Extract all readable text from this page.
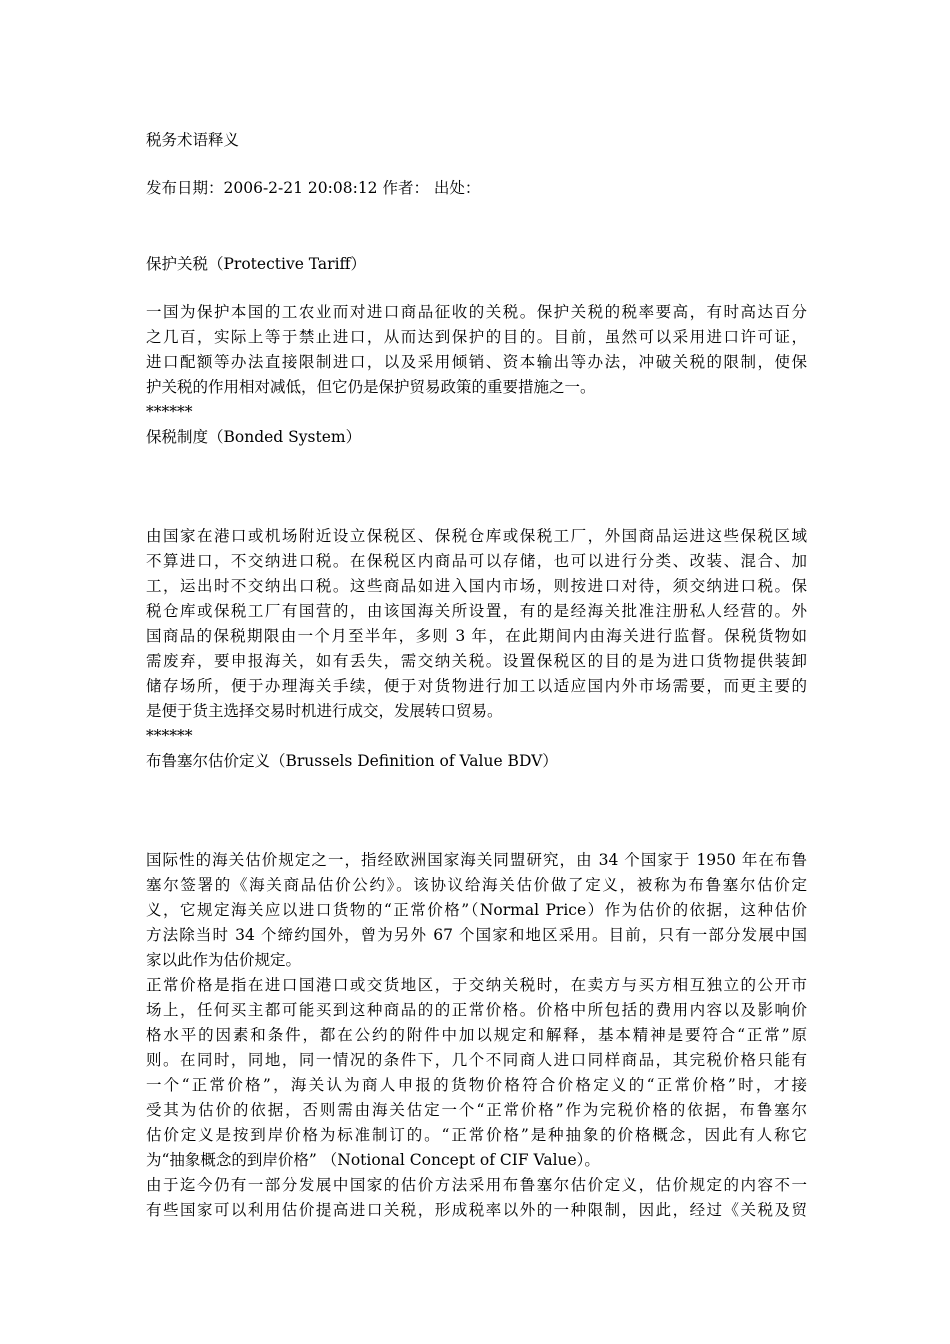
税务术语释义
发布日期：2006-2-21 20:08:12 作者： 出处：
保护关税（Protective Tariff）
一国为保护本国的工农业而对进口商品征收的关税。保护关税的税率要高，有时高达百分
之几百，实际上等于禁止进口，从而达到保护的目的。目前，虽然可以采用进口许可证，
进口配额等办法直接限制进口，以及采用倾销、资本输出等办法，冲破关税的限制，使保
护关税的作用相对减低，但它仍是保护贸易政策的重要措施之一。
******
保税制度（Bonded System）
由国家在港口或机场附近设立保税区、保税仓库或保税工厂，外国商品运进这些保税区域
不算进口，不交纳进口税。在保税区内商品可以存储，也可以进行分类、改装、混合、加
工，运出时不交纳出口税。这些商品如进入国内市场，则按进口对待，须交纳进口税。保
税仓库或保税工厂有国营的，由该国海关所设置，有的是经海关批准注册私人经营的。外
国商品的保税期限由一个月至半年，多则 3 年，在此期间内由海关进行监督。保税货物如
需废弃，要申报海关，如有丢失，需交纳关税。设置保税区的目的是为进口货物提供装卸
储存场所，便于办理海关手续，便于对货物进行加工以适应国内外市场需要，而更主要的
是便于货主选择交易时机进行成交，发展转口贸易。
******
布鲁塞尔估价定义（Brussels Definition of Value BDV）
国际性的海关估价规定之一，指经欧洲国家海关同盟研究，由 34 个国家于 1950 年在布鲁
塞尔签署的《海关商品估价公约》。该协议给海关估价做了定义，被称为布鲁塞尔估价定
义，它规定海关应以进口货物的“正常价格”（Normal Price）作为估价的依据，这种估价
方法除当时 34 个缔约国外，曾为另外 67 个国家和地区采用。目前，只有一部分发展中国
家以此作为估价规定。
正常价格是指在进口国港口或交货地区，于交纳关税时，在卖方与买方相互独立的公开市
场上，任何买主都可能买到这种商品的的正常价格。价格中所包括的费用内容以及影响价
格水平的因素和条件，都在公约的附件中加以规定和解释，基本精神是要符合“正常”原
则。在同时，同地，同一情况的条件下，几个不同商人进口同样商品，其完税价格只能有
一个“正常价格”，海关认为商人申报的货物价格符合价格定义的“正常价格”时，才接
受其为估价的依据，否则需由海关估定一个“正常价格”作为完税价格的依据，布鲁塞尔
估价定义是按到岸价格为标准制订的。“正常价格”是种抽象的价格概念，因此有人称它
为“抽象概念的到岸价格” （Notional Concept of CIF Value）。
由于迄今仍有一部分发展中国家的估价方法采用布鲁塞尔估价定义，估价规定的内容不一
有些国家可以利用估价提高进口关税，形成税率以外的一种限制，因此，经过《关税及贸
